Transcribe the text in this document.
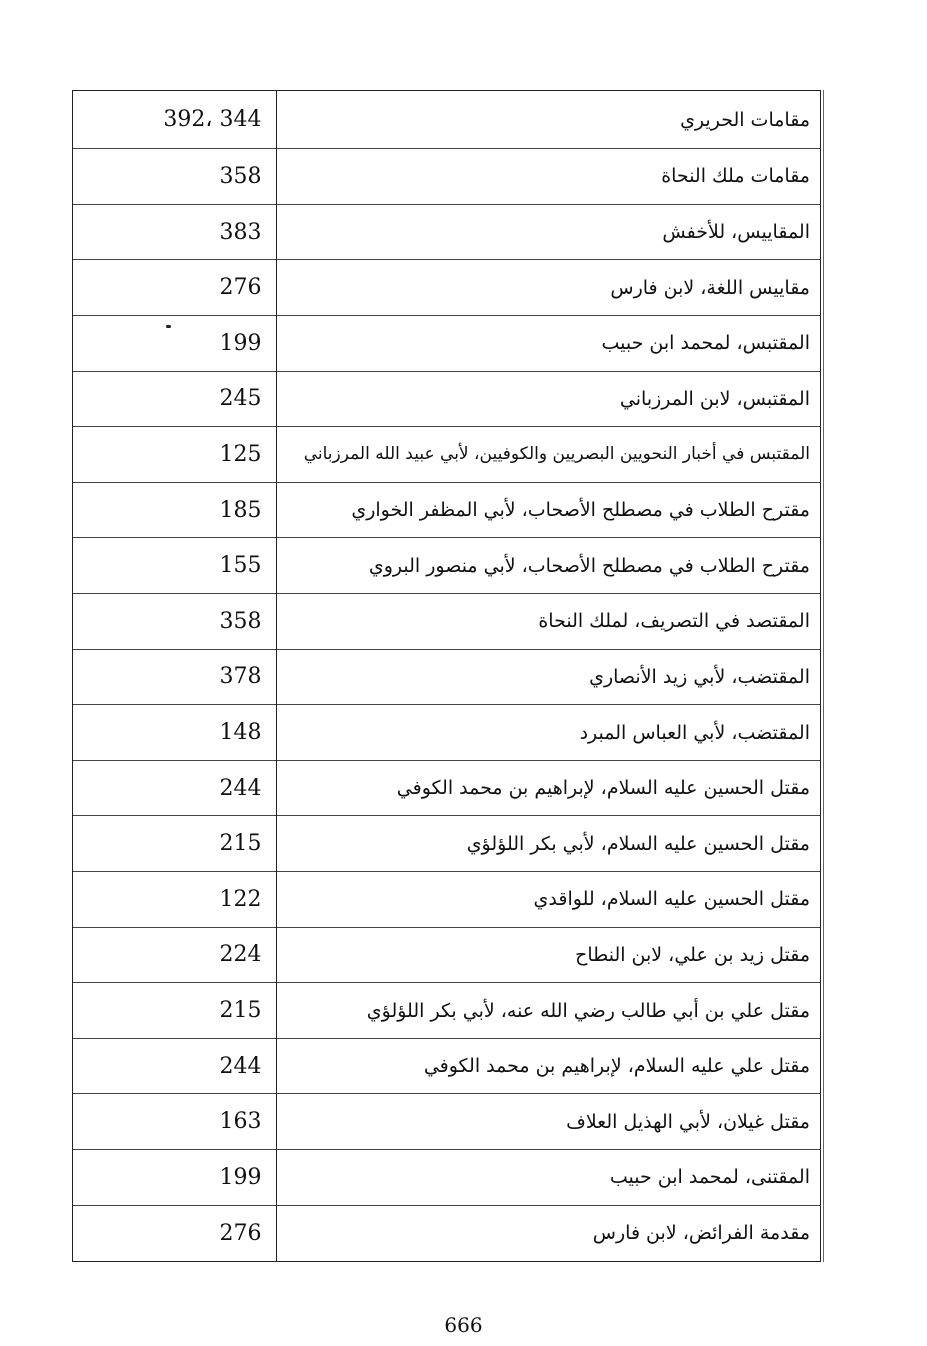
392، 344	مقامات الحريري
358	مقامات ملك النحاة
383	المقاييس، للأخفش
276	مقاييس اللغة، لابن فارس
199	المقتبس، لمحمد ابن حبيب
245	المقتبس، لابن المرزباني
125	المقتبس في أخبار النحويين البصريين والكوفيين، لأبي عبيد الله المرزباني
185	مقترح الطلاب في مصطلح الأصحاب، لأبي المظفر الخواري
155	مقترح الطلاب في مصطلح الأصحاب، لأبي منصور البروي
358	المقتصد في التصريف، لملك النحاة
378	المقتضب، لأبي زيد الأنصاري
148	المقتضب، لأبي العباس المبرد
244	مقتل الحسين عليه السلام، لإبراهيم بن محمد الكوفي
215	مقتل الحسين عليه السلام، لأبي بكر اللؤلؤي
122	مقتل الحسين عليه السلام، للواقدي
224	مقتل زيد بن علي، لابن النطاح
215	مقتل علي بن أبي طالب رضي الله عنه، لأبي بكر اللؤلؤي
244	مقتل علي عليه السلام، لإبراهيم بن محمد الكوفي
163	مقتل غيلان، لأبي الهذيل العلاف
199	المقتنى، لمحمد ابن حبيب
276	مقدمة الفرائض، لابن فارس
666
